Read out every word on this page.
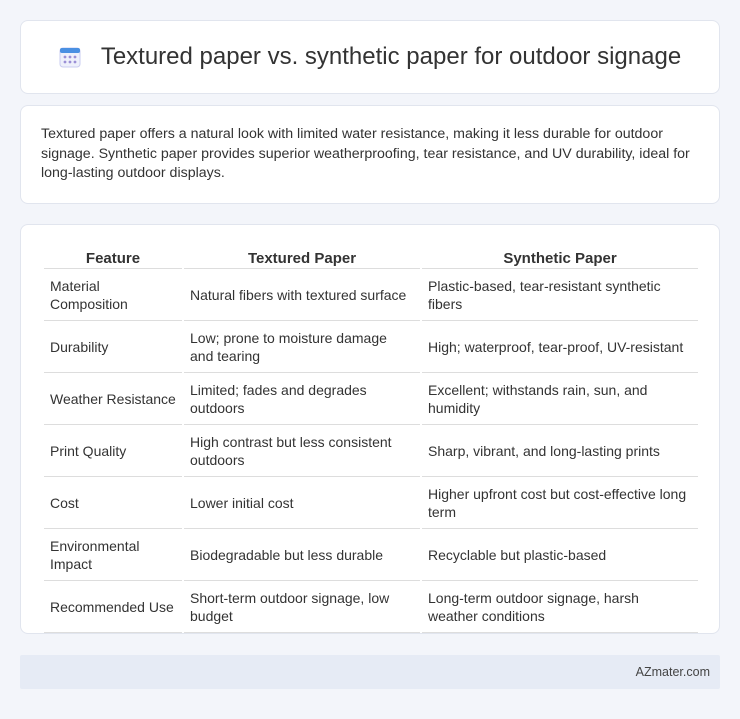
Textured paper vs. synthetic paper for outdoor signage

Textured paper offers a natural look with limited water resistance, making it less durable for outdoor signage. Synthetic paper provides superior weatherproofing, tear resistance, and UV durability, ideal for long-lasting outdoor displays.

Feature	Textured Paper	Synthetic Paper
Material Composition	Natural fibers with textured surface	Plastic-based, tear-resistant synthetic fibers
Durability	Low; prone to moisture damage and tearing	High; waterproof, tear-proof, UV-resistant
Weather Resistance	Limited; fades and degrades outdoors	Excellent; withstands rain, sun, and humidity
Print Quality	High contrast but less consistent outdoors	Sharp, vibrant, and long-lasting prints
Cost	Lower initial cost	Higher upfront cost but cost-effective long term
Environmental Impact	Biodegradable but less durable	Recyclable but plastic-based
Recommended Use	Short-term outdoor signage, low budget	Long-term outdoor signage, harsh weather conditions
AZmater.com
